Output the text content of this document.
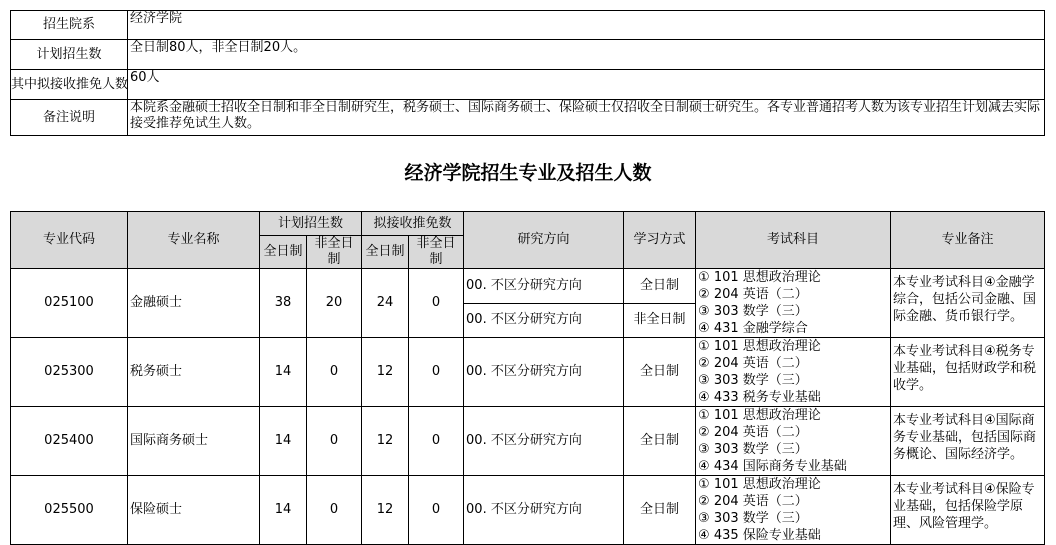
招生院系	经济学院
计划招生数	全日制80人，非全日制20人。
其中拟接收推免人数	60人
备注说明	本院系金融硕士招收全日制和非全日制研究生，税务硕士、国际商务硕士、保险硕士仅招收全日制硕士研究生。各专业普通招考人数为该专业招生计划减去实际接受推荐免试生人数。
经济学院招生专业及招生人数
专业代码	专业名称	计划招生数		拟接收推免数		研究方向	学习方式	考试科目	专业备注
		全日制	非全日制	全日制	非全日制				
025100	金融硕士	38	20	24	0	00. 不区分研究方向	全日制	① 101 思想政治理论
② 204 英语（二）
③ 303 数学（三）
④ 431 金融学综合	本专业考试科目④金融学综合，包括公司金融、国际金融、货币银行学。
						00. 不区分研究方向	非全日制		
025300	税务硕士	14	0	12	0	00. 不区分研究方向	全日制	① 101 思想政治理论
② 204 英语（二）
③ 303 数学（三）
④ 433 税务专业基础	本专业考试科目④税务专业基础，包括财政学和税收学。
025400	国际商务硕士	14	0	12	0	00. 不区分研究方向	全日制	① 101 思想政治理论
② 204 英语（二）
③ 303 数学（三）
④ 434 国际商务专业基础	本专业考试科目④国际商务专业基础，包括国际商务概论、国际经济学。
025500	保险硕士	14	0	12	0	00. 不区分研究方向	全日制	① 101 思想政治理论
② 204 英语（二）
③ 303 数学（三）
④ 435 保险专业基础	本专业考试科目④保险专业基础，包括保险学原理、风险管理学。
